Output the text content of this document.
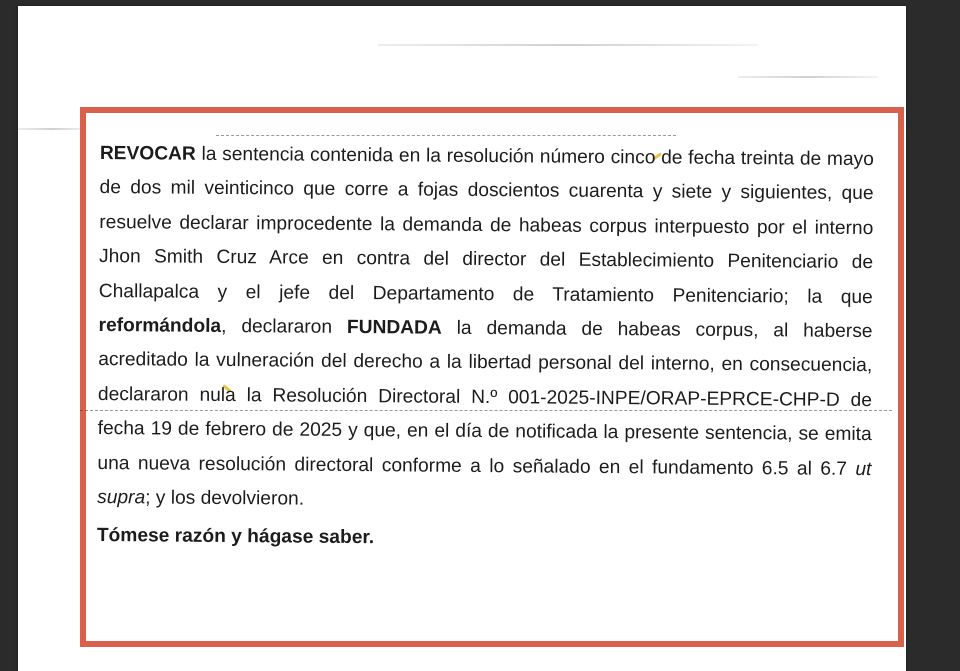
REVOCAR la sentencia contenida en la resolución número cinco de fecha treinta de mayo de dos mil veinticinco que corre a fojas doscientos cuarenta y siete y siguientes, que resuelve declarar improcedente la demanda de habeas corpus interpuesto por el interno Jhon Smith Cruz Arce en contra del director del Establecimiento Penitenciario de Challapalca y el jefe del Departamento de Tratamiento Penitenciario; la que reformándola, declararon FUNDADA la demanda de habeas corpus, al haberse acreditado la vulneración del derecho a la libertad personal del interno, en consecuencia, declararon nula la Resolución Directoral N.º 001-2025-INPE/ORAP-EPRCE-CHP-D de fecha 19 de febrero de 2025 y que, en el día de notificada la presente sentencia, se emita una nueva resolución directoral conforme a lo señalado en el fundamento 6.5 al 6.7 ut supra; y los devolvieron.
Tómese razón y hágase saber.
